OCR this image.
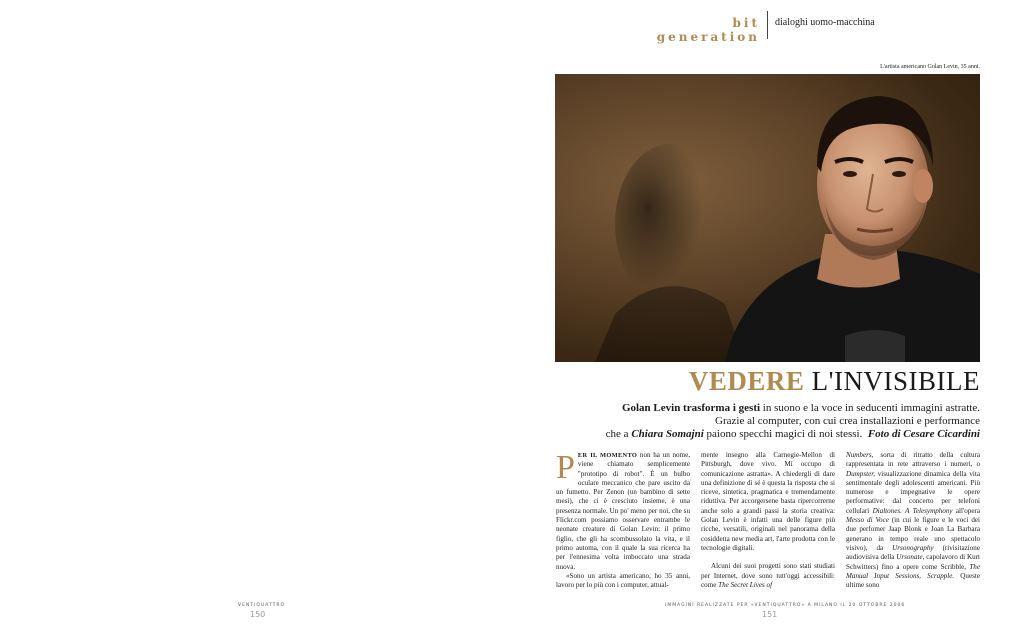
bit generation
dialoghi uomo-macchina
L'artista americano Golan Levin, 35 anni.
VEDERE L'INVISIBILE
Golan Levin trasforma i gesti in suono e la voce in seducenti immagini astratte.
Grazie al computer, con cui crea installazioni e performance
che a Chiara Somajni paiono specchi magici di noi stessi. Foto di Cesare Cicardini

PER IL MOMENTO non ha un nome, viene chiamato semplicemente "prototipo di robot". È un bulbo oculare meccanico che pare uscito da un fumetto. Per Zenon (un bambino di sette mesi), che ci è cresciuto insieme, è una presenza normale. Un po' meno per noi, che su Flickr.com possiamo osservare entrambe le neonate creature di Golan Levin: il primo figlio, che gli ha scombussolato la vita, e il primo automa, con il quale la sua ricerca ha per l'ennesima volta imboccato una strada nuova.

«Sono un artista americano, ho 35 anni, lavoro per lo più con i computer, attual-

mente insegno alla Carnegie-Mellon di Pittsburgh, dove vivo. Mi occupo di comunicazione astratta». A chiedergli di dare una definizione di sé è questa la risposta che si riceve, sintetica, pragmatica e tremendamente riduttiva. Per accorgersene basta ripercorrerne anche solo a grandi passi la storia creativa: Golan Levin è infatti una delle figure più ricche, versatili, originali nel panorama della cosiddetta new media art, l'arte prodotta con le tecnologie digitali.

Alcuni dei suoi progetti sono stati studiati per Internet, dove sono tutt'oggi accessibili: come The Secret Lives of

Numbers, sorta di ritratto della cultura rappresentata in rete attraverso i numeri, o Dumpster, visualizzazione dinamica della vita sentimentale degli adolescenti americani. Più numerose e impegnative le opere performative: dal concerto per telefoni cellulari Dialtones. A Telesymphony all'opera Messo di Voce (in cui le figure e le voci dei due perfomer Jaap Blonk e Joan La Barbara generano in tempo reale uno spettacolo visivo), da Ursonography (rivisitazione audiovisiva della Ursonate, capolavoro di Kurt Schwitters) fino a opere come Scribble, The Manual Input Sessions, Scrapple. Queste ultime sono

VENTIQUATTRO
150
IMMAGINI REALIZZATE PER «VENTIQUATTRO» A MILANO IL 20 OTTOBRE 2006
151
